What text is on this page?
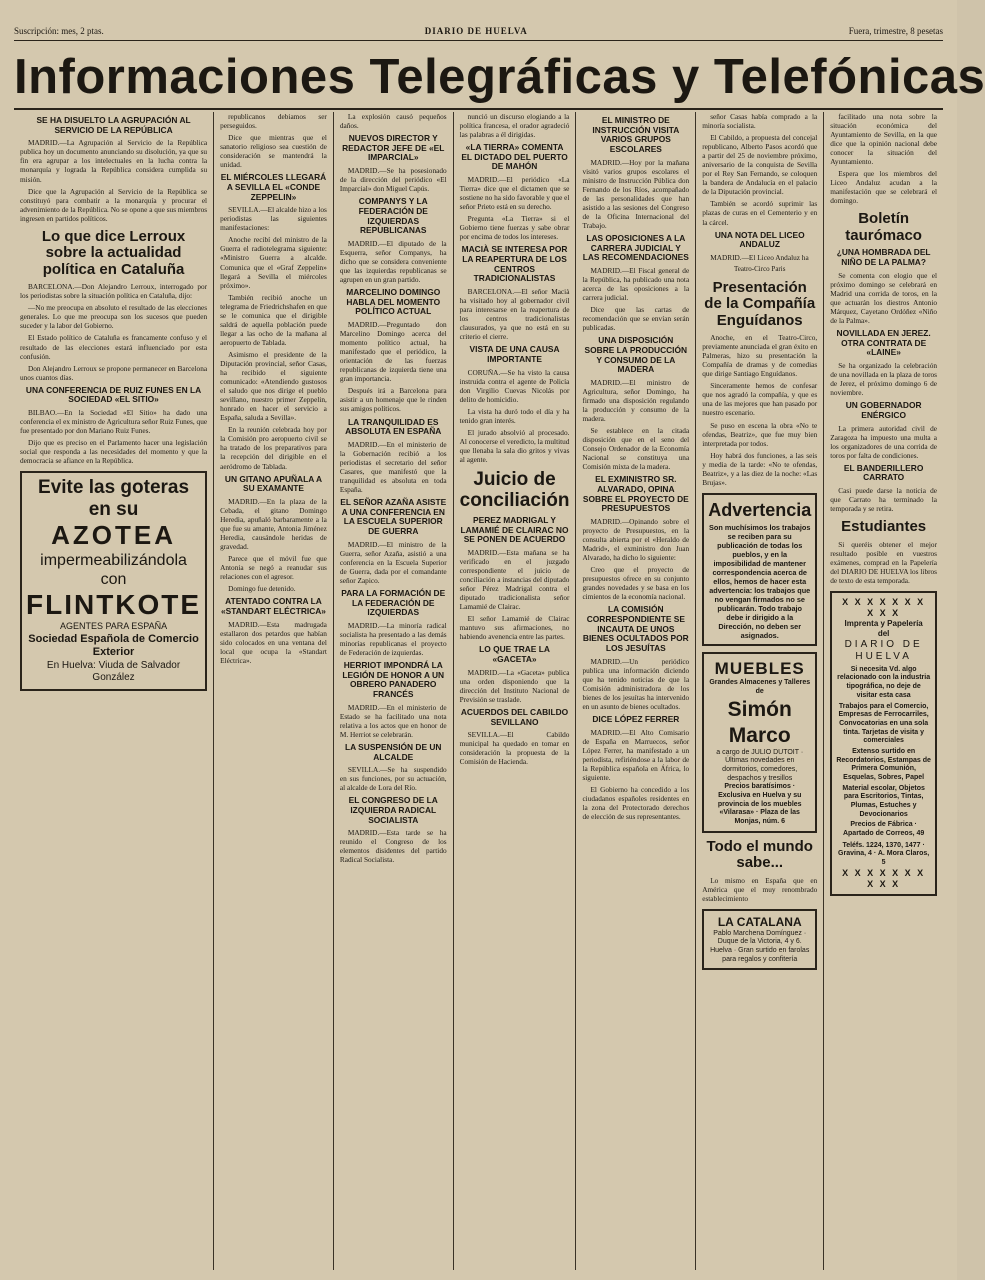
Suscripción: mes, 2 ptas.	DIARIO DE HUELVA	Fuera, trimestre, 8 pesetas
Informaciones Telegráficas y Telefónicas
SE HA DISUELTO LA AGRUPACIÓN AL SERVICIO DE LA REPÚBLICA

MADRID.—La Agrupación al Servicio de la República publica hoy un documento anunciando su disolución, ya que su fin era agrupar a los intelectuales en la lucha contra la monarquía y lograda la República considera cumplida su misión.

Dice que la Agrupación al Servicio de la República se constituyó para combatir a la monarquía y procurar el advenimiento de la República. No se opone a que sus miembros ingresen en partidos políticos.

Lo que dice Lerroux sobre la actualidad política en Cataluña

BARCELONA.—Don Alejandro Lerroux, interrogado por los periodistas sobre la situación política en Cataluña, dijo:

—No me preocupa en absoluto el resultado de las elecciones generales. Lo que me preocupa son los sucesos que pueden suceder y la labor del Gobierno.

El Estado político de Cataluña es francamente confuso y el resultado de las elecciones estará influenciado por esta confusión.

Don Alejandro Lerroux se propone permanecer en Barcelona unos cuantos días.

UNA CONFERENCIA DE RUIZ FUNES EN LA SOCIEDAD «EL SITIO»

BILBAO.—En la Sociedad «El Sitio» ha dado una conferencia el ex ministro de Agricultura señor Ruiz Funes, que fue presentado por don Mariano Ruiz Funes.

Dijo que es preciso en el Parlamento hacer una legislación social que responda a las necesidades del momento y que la democracia se afiance en la República.

Evite las goteras en su
AZOTEA
impermeabilizándola con
FLINTKOTE
AGENTES PARA ESPAÑA
Sociedad Española de Comercio Exterior
En Huelva: Viuda de Salvador González

republicanos debiamos ser perseguidos.

Dice que mientras que el sanatorio religioso sea cuestión de consideración se mantendrá la unidad.

EL MIÉRCOLES LLEGARÁ A SEVILLA EL «CONDE ZEPPELIN»

SEVILLA.—El alcalde hizo a los periodistas las siguientes manifestaciones:

Anoche recibí del ministro de la Guerra el radiotelegrama siguiente: «Ministro Guerra a alcalde. Comunica que el «Graf Zeppelin» llegará a Sevilla el miércoles próximo».

También recibió anoche un telegrama de Friedrichshafen en que se le comunica que el dirigible saldrá de aquella población puede llegar a las ocho de la mañana al aeropuerto de Tablada.

Asimismo el presidente de la Diputación provincial, señor Casas, ha recibido el siguiente comunicado: «Atendiendo gustosos el saludo que nos dirige el pueblo sevillano, nuestro primer Zeppelin, honrado en hacer el servicio a España, saluda a Sevilla».

En la reunión celebrada hoy por la Comisión pro aeropuerto civil se ha tratado de los preparativos para la recepción del dirigible en el aeródromo de Tablada.

UN GITANO APUÑALA A SU EXAMANTE

MADRID.—En la plaza de la Cebada, el gitano Domingo Heredia, apuñaló barbaramente a la que fue su amante, Antonia Jiménez Heredia, causándole heridas de gravedad.

Parece que el móvil fue que Antonia se negó a reanudar sus relaciones con el agresor.

Domingo fue detenido.

ATENTADO CONTRA LA «STANDART ELÉCTRICA»

MADRID.—Esta madrugada estallaron dos petardos que habían sido colocados en una ventana del local que ocupa la «Standart Eléctrica».

La explosión causó pequeños daños.

NUEVOS DIRECTOR Y REDACTOR JEFE DE «EL IMPARCIAL»

MADRID.—Se ha posesionado de la dirección del periódico «El Imparcial» don Miguel Capús.

COMPANYS Y LA FEDERACIÓN DE IZQUIERDAS REPUBLICANAS

MADRID.—El diputado de la Esquerra, señor Companys, ha dicho que se considera conveniente que las izquierdas republicanas se agrupen en un gran partido.

MARCELINO DOMINGO HABLA DEL MOMENTO POLÍTICO ACTUAL

MADRID.—Preguntado don Marcelino Domingo acerca del momento político actual, ha manifestado que el periódico, la orientación de las fuerzas republicanas de izquierda tiene una gran importancia.

Después irá a Barcelona para asistir a un homenaje que le rinden sus amigos políticos.

LA TRANQUILIDAD ES ABSOLUTA EN ESPAÑA

MADRID.—En el ministerio de la Gobernación recibió a los periodistas el secretario del señor Casares, que manifestó que la tranquilidad es absoluta en toda España.

EL SEÑOR AZAÑA ASISTE A UNA CONFERENCIA EN LA ESCUELA SUPERIOR DE GUERRA

MADRID.—El ministro de la Guerra, señor Azaña, asistió a una conferencia en la Escuela Superior de Guerra, dada por el comandante señor Zapico.

PARA LA FORMACIÓN DE LA FEDERACIÓN DE IZQUIERDAS

MADRID.—La minoría radical socialista ha presentado a las demás minorías republicanas el proyecto de Federación de izquierdas.

HERRIOT IMPONDRÁ LA LEGIÓN DE HONOR A UN OBRERO PANADERO FRANCÉS

MADRID.—En el ministerio de Estado se ha facilitado una nota relativa a los actos que en honor de M. Herriot se celebrarán.

LA SUSPENSIÓN DE UN ALCALDE

SEVILLA.—Se ha suspendido en sus funciones, por su actuación, al alcalde de Lora del Río.

EL CONGRESO DE LA IZQUIERDA RADICAL SOCIALISTA

MADRID.—Esta tarde se ha reunido el Congreso de los elementos disidentes del partido Radical Socialista.

nunció un discurso elogiando a la política francesa, el orador agradeció las palabras a él dirigidas.

«LA TIERRA» COMENTA EL DICTADO DEL PUERTO DE MAHÓN

MADRID.—El periódico «La Tierra» dice que el dictamen que se sostiene no ha sido favorable y que el señor Prieto está en su derecho.

Pregunta «La Tierra» si el Gobierno tiene fuerzas y sabe obrar por encima de todos los intereses.

MACIÀ SE INTERESA POR LA REAPERTURA DE LOS CENTROS TRADICIONALISTAS

BARCELONA.—El señor Macià ha visitado hoy al gobernador civil para interesarse en la reapertura de los centros tradicionalistas clausurados, ya que no está en su criterio el cierre.

VISTA DE UNA CAUSA IMPORTANTE

CORUÑA.—Se ha visto la causa instruida contra el agente de Policía don Virgilio Cuevas Nicolás por delito de homicidio.

La vista ha duró todo el día y ha tenido gran interés.

El jurado absolvió al procesado. Al conocerse el veredicto, la multitud que llenaba la sala dio gritos y vivas al agente.

Juicio de conciliación
PEREZ MADRIGAL Y LAMAMIÉ DE CLAIRAC NO SE PONEN DE ACUERDO

MADRID.—Esta mañana se ha verificado en el juzgado correspondiente el juicio de conciliación a instancias del diputado señor Pérez Madrigal contra el diputado tradicionalista señor Lamamié de Clairac.

El señor Lamamié de Clairac mantuvo sus afirmaciones, no habiendo avenencia entre las partes.

LO QUE TRAE LA «GACETA»

MADRID.—La «Gaceta» publica una orden disponiendo que la dirección del Instituto Nacional de Previsión se traslade.

ACUERDOS DEL CABILDO SEVILLANO

SEVILLA.—El Cabildo municipal ha quedado en tomar en consideración la propuesta de la Comisión de Hacienda.

EL MINISTRO DE INSTRUCCIÓN VISITA VARIOS GRUPOS ESCOLARES

MADRID.—Hoy por la mañana visitó varios grupos escolares el ministro de Instrucción Pública don Fernando de los Ríos, acompañado de las personalidades que han asistido a las sesiones del Congreso de la Oficina Internacional del Trabajo.

LAS OPOSICIONES A LA CARRERA JUDICIAL Y LAS RECOMENDACIONES

MADRID.—El Fiscal general de la República, ha publicado una nota acerca de las oposiciones a la carrera judicial.

Dice que las cartas de recomendación que se envían serán publicadas.

UNA DISPOSICIÓN SOBRE LA PRODUCCIÓN Y CONSUMO DE LA MADERA

MADRID.—El ministro de Agricultura, señor Domingo, ha firmado una disposición regulando la producción y consumo de la madera.

Se establece en la citada disposición que en el seno del Consejo Ordenador de la Economía Nacional se constituya una Comisión mixta de la madera.

EL EXMINISTRO SR. ALVARADO, OPINA SOBRE EL PROYECTO DE PRESUPUESTOS

MADRID.—Opinando sobre el proyecto de Presupuestos, en la consulta abierta por el «Heraldo de Madrid», el exministro don Juan Alvarado, ha dicho lo siguiente:

Creo que el proyecto de presupuestos ofrece en su conjunto grandes novedades y se basa en los cimientos de la economía nacional.

LA COMISIÓN CORRESPONDIENTE SE INCAUTA DE UNOS BIENES OCULTADOS POR LOS JESUÍTAS

MADRID.—Un periódico publica una información diciendo que ha tenido noticias de que la Comisión administradora de los bienes de los jesuítas ha intervenido en un asunto de bienes ocultados.

DICE LÓPEZ FERRER

MADRID.—El Alto Comisario de España en Marruecos, señor López Ferrer, ha manifestado a un periodista, refiriéndose a la labor de la República española en África, lo siguiente.

El Gobierno ha concedido a los ciudadanos españoles residentes en la zona del Protectorado derechos de elección de sus representantes.

señor Casas había comprado a la minoría socialista.

El Cabildo, a propuesta del concejal republicano, Alberto Pasos acordó que a partir del 25 de noviembre próximo, aniversario de la conquista de Sevilla por el Rey San Fernando, se coloquen la bandera de Andalucía en el palacio de la Diputación provincial.

También se acordó suprimir las plazas de curas en el Cementerio y en la cárcel.

UNA NOTA DEL LICEO ANDALUZ

MADRID.—El Liceo Andaluz ha

Teatro-Circo Paris
Presentación de la Compañía Enguídanos

Anoche, en el Teatro-Circo, previamente anunciada el gran éxito en Palmeras, hizo su presentación la Compañía de dramas y de comedias que dirige Santiago Enguídanos.

Sinceramente hemos de confesar que nos agradó la compañía, y que es una de las mejores que han pasado por nuestro escenario.

Se puso en escena la obra «No te ofendas, Beatriz», que fue muy bien interpretada por todos.

Hoy habrá dos funciones, a las seis y media de la tarde: «No te ofendas, Beatriz», y a las diez de la noche: «Las Brujas».

Advertencia

Son muchísimos los trabajos se reciben para su publicación de todas los pueblos, y en la imposibilidad de mantener correspondencia acerca de ellos, hemos de hacer esta advertencia: los trabajos que no vengan firmados no se publicarán. Todo trabajo debe ir dirigido a la Dirección, no deben ser asignados.

MUEBLES
Grandes Almacenes y Talleres de
Simón Marco
a cargo de JULIO DUTOIT · Últimas novedades en dormitorios, comedores, despachos y tresillos
Precios baratísimos · Exclusiva en Huelva y su provincia de los muebles «Vilarasa» · Plaza de las Monjas, núm. 6
Todo el mundo sabe...

Lo mismo en España que en América que el muy renombrado establecimiento

LA CATALANA
Pablo Marchena Domínguez · Duque de la Victoria, 4 y 6. Huelva · Gran surtido en farolas para regalos y confitería

facilitado una nota sobre la situación económica del Ayuntamiento de Sevilla, en la que dice que la opinión nacional debe conocer la situación del Ayuntamiento.

Espera que los miembros del Liceo Andaluz acudan a la manifestación que se celebrará el domingo.

Boletín taurómaco
¿UNA HOMBRADA DEL NIÑO DE LA PALMA?

Se comenta con elogio que el próximo domingo se celebrará en Madrid una corrida de toros, en la que actuarán los diestros Antonio Márquez, Cayetano Ordóñez «Niño de la Palma».

NOVILLADA EN JEREZ. OTRA CONTRATA DE «LAINE»

Se ha organizado la celebración de una novillada en la plaza de toros de Jerez, el próximo domingo 6 de noviembre.

UN GOBERNADOR ENÉRGICO

La primera autoridad civil de Zaragoza ha impuesto una multa a los organizadores de una corrida de toros por falta de condiciones.

EL BANDERILLERO CARRATO

Casi puede darse la noticia de que Carrato ha terminado la temporada y se retira.

Estudiantes

Si queréis obtener el mejor resultado posible en vuestros exámenes, comprad en la Papelería del DIARIO DE HUELVA los libros de texto de esta temporada.

X X X X X X X X X X
Imprenta y Papelería
del
DIARIO DE HUELVA

Si necesita Vd. algo relacionado con la industria tipográfica, no deje de visitar esta casa

Trabajos para el Comercio, Empresas de Ferrocarriles, Convocatorias en una sola tinta. Tarjetas de visita y comerciales

Extenso surtido en Recordatorios, Estampas de Primera Comunión, Esquelas, Sobres, Papel

Material escolar, Objetos para Escritorios, Tintas, Plumas, Estuches y Devocionarios

Precios de Fábrica · Apartado de Correos, 49

Teléfs. 1224, 1370, 1477 · Gravina, 4 · A. Mora Claros, 5
X X X X X X X X X X
